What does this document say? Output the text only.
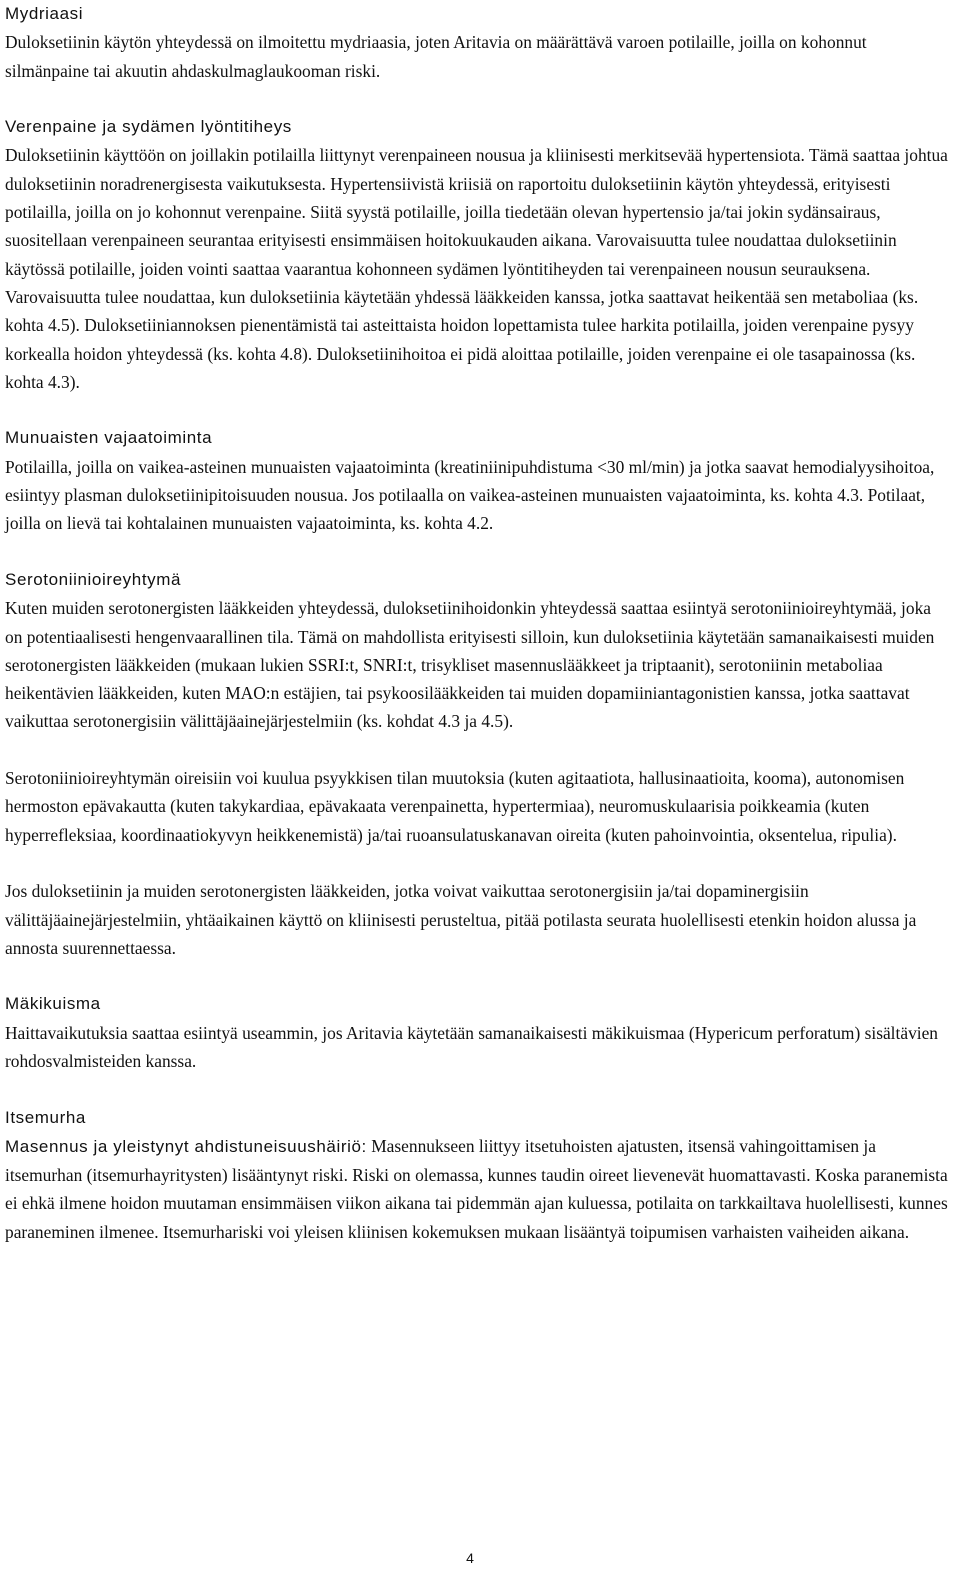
Mydriaasi

Duloksetiinin käytön yhteydessä on ilmoitettu mydriaasia, joten Aritavia on määrättävä varoen potilaille, joilla on kohonnut silmänpaine tai akuutin ahdaskulmaglaukooman riski.

Verenpaine ja sydämen lyöntitiheys

Duloksetiinin käyttöön on joillakin potilailla liittynyt verenpaineen nousua ja kliinisesti merkitsevää hypertensiota. Tämä saattaa johtua duloksetiinin noradrenergisesta vaikutuksesta. Hypertensiivistä kriisiä on raportoitu duloksetiinin käytön yhteydessä, erityisesti potilailla, joilla on jo kohonnut verenpaine. Siitä syystä potilaille, joilla tiedetään olevan hypertensio ja/tai jokin sydänsairaus, suositellaan verenpaineen seurantaa erityisesti ensimmäisen hoitokuukauden aikana. Varovaisuutta tulee noudattaa duloksetiinin käytössä potilaille, joiden vointi saattaa vaarantua kohonneen sydämen lyöntitiheyden tai verenpaineen nousun seurauksena. Varovaisuutta tulee noudattaa, kun duloksetiinia käytetään yhdessä lääkkeiden kanssa, jotka saattavat heikentää sen metaboliaa (ks. kohta 4.5). Duloksetiiniannoksen pienentämistä tai asteittaista hoidon lopettamista tulee harkita potilailla, joiden verenpaine pysyy korkealla hoidon yhteydessä (ks. kohta 4.8). Duloksetiinihoitoa ei pidä aloittaa potilaille, joiden verenpaine ei ole tasapainossa (ks. kohta 4.3).

Munuaisten vajaatoiminta

Potilailla, joilla on vaikea-asteinen munuaisten vajaatoiminta (kreatiniinipuhdistuma <30 ml/min) ja jotka saavat hemodialyysihoitoa, esiintyy plasman duloksetiinipitoisuuden nousua. Jos potilaalla on vaikea-asteinen munuaisten vajaatoiminta, ks. kohta 4.3. Potilaat, joilla on lievä tai kohtalainen munuaisten vajaatoiminta, ks. kohta 4.2.

Serotoniinioireyhtymä

Kuten muiden serotonergisten lääkkeiden yhteydessä, duloksetiinihoidonkin yhteydessä saattaa esiintyä serotoniinioireyhtymää, joka on potentiaalisesti hengenvaarallinen tila. Tämä on mahdollista erityisesti silloin, kun duloksetiinia käytetään samanaikaisesti muiden serotonergisten lääkkeiden (mukaan lukien SSRI:t, SNRI:t, trisykliset masennuslääkkeet ja triptaanit), serotoniinin metaboliaa heikentävien lääkkeiden, kuten MAO:n estäjien, tai psykoosilääkkeiden tai muiden dopamiiniantagonistien kanssa, jotka saattavat vaikuttaa serotonergisiin välittäjäainejärjestelmiin (ks. kohdat 4.3 ja 4.5).

Serotoniinioireyhtymän oireisiin voi kuulua psyykkisen tilan muutoksia (kuten agitaatiota, hallusinaatioita, kooma), autonomisen hermoston epävakautta (kuten takykardiaa, epävakaata verenpainetta, hypertermiaa), neuromuskulaarisia poikkeamia (kuten hyperrefleksiaa, koordinaatiokyvyn heikkenemistä) ja/tai ruoansulatuskanavan oireita (kuten pahoinvointia, oksentelua, ripulia).

Jos duloksetiinin ja muiden serotonergisten lääkkeiden, jotka voivat vaikuttaa serotonergisiin ja/tai dopaminergisiin välittäjäainejärjestelmiin, yhtäaikainen käyttö on kliinisesti perusteltua, pitää potilasta seurata huolellisesti etenkin hoidon alussa ja annosta suurennettaessa.

Mäkikuisma

Haittavaikutuksia saattaa esiintyä useammin, jos Aritavia käytetään samanaikaisesti mäkikuismaa (Hypericum perforatum) sisältävien rohdosvalmisteiden kanssa.

Itsemurha

Masennus ja yleistynyt ahdistuneisuushäiriö: Masennukseen liittyy itsetuhoisten ajatusten, itsensä vahingoittamisen ja itsemurhan (itsemurhayritysten) lisääntynyt riski. Riski on olemassa, kunnes taudin oireet lievenevät huomattavasti. Koska paranemista ei ehkä ilmene hoidon muutaman ensimmäisen viikon aikana tai pidemmän ajan kuluessa, potilaita on tarkkailtava huolellisesti, kunnes paraneminen ilmenee. Itsemurhariski voi yleisen kliinisen kokemuksen mukaan lisääntyä toipumisen varhaisten vaiheiden aikana.

4
